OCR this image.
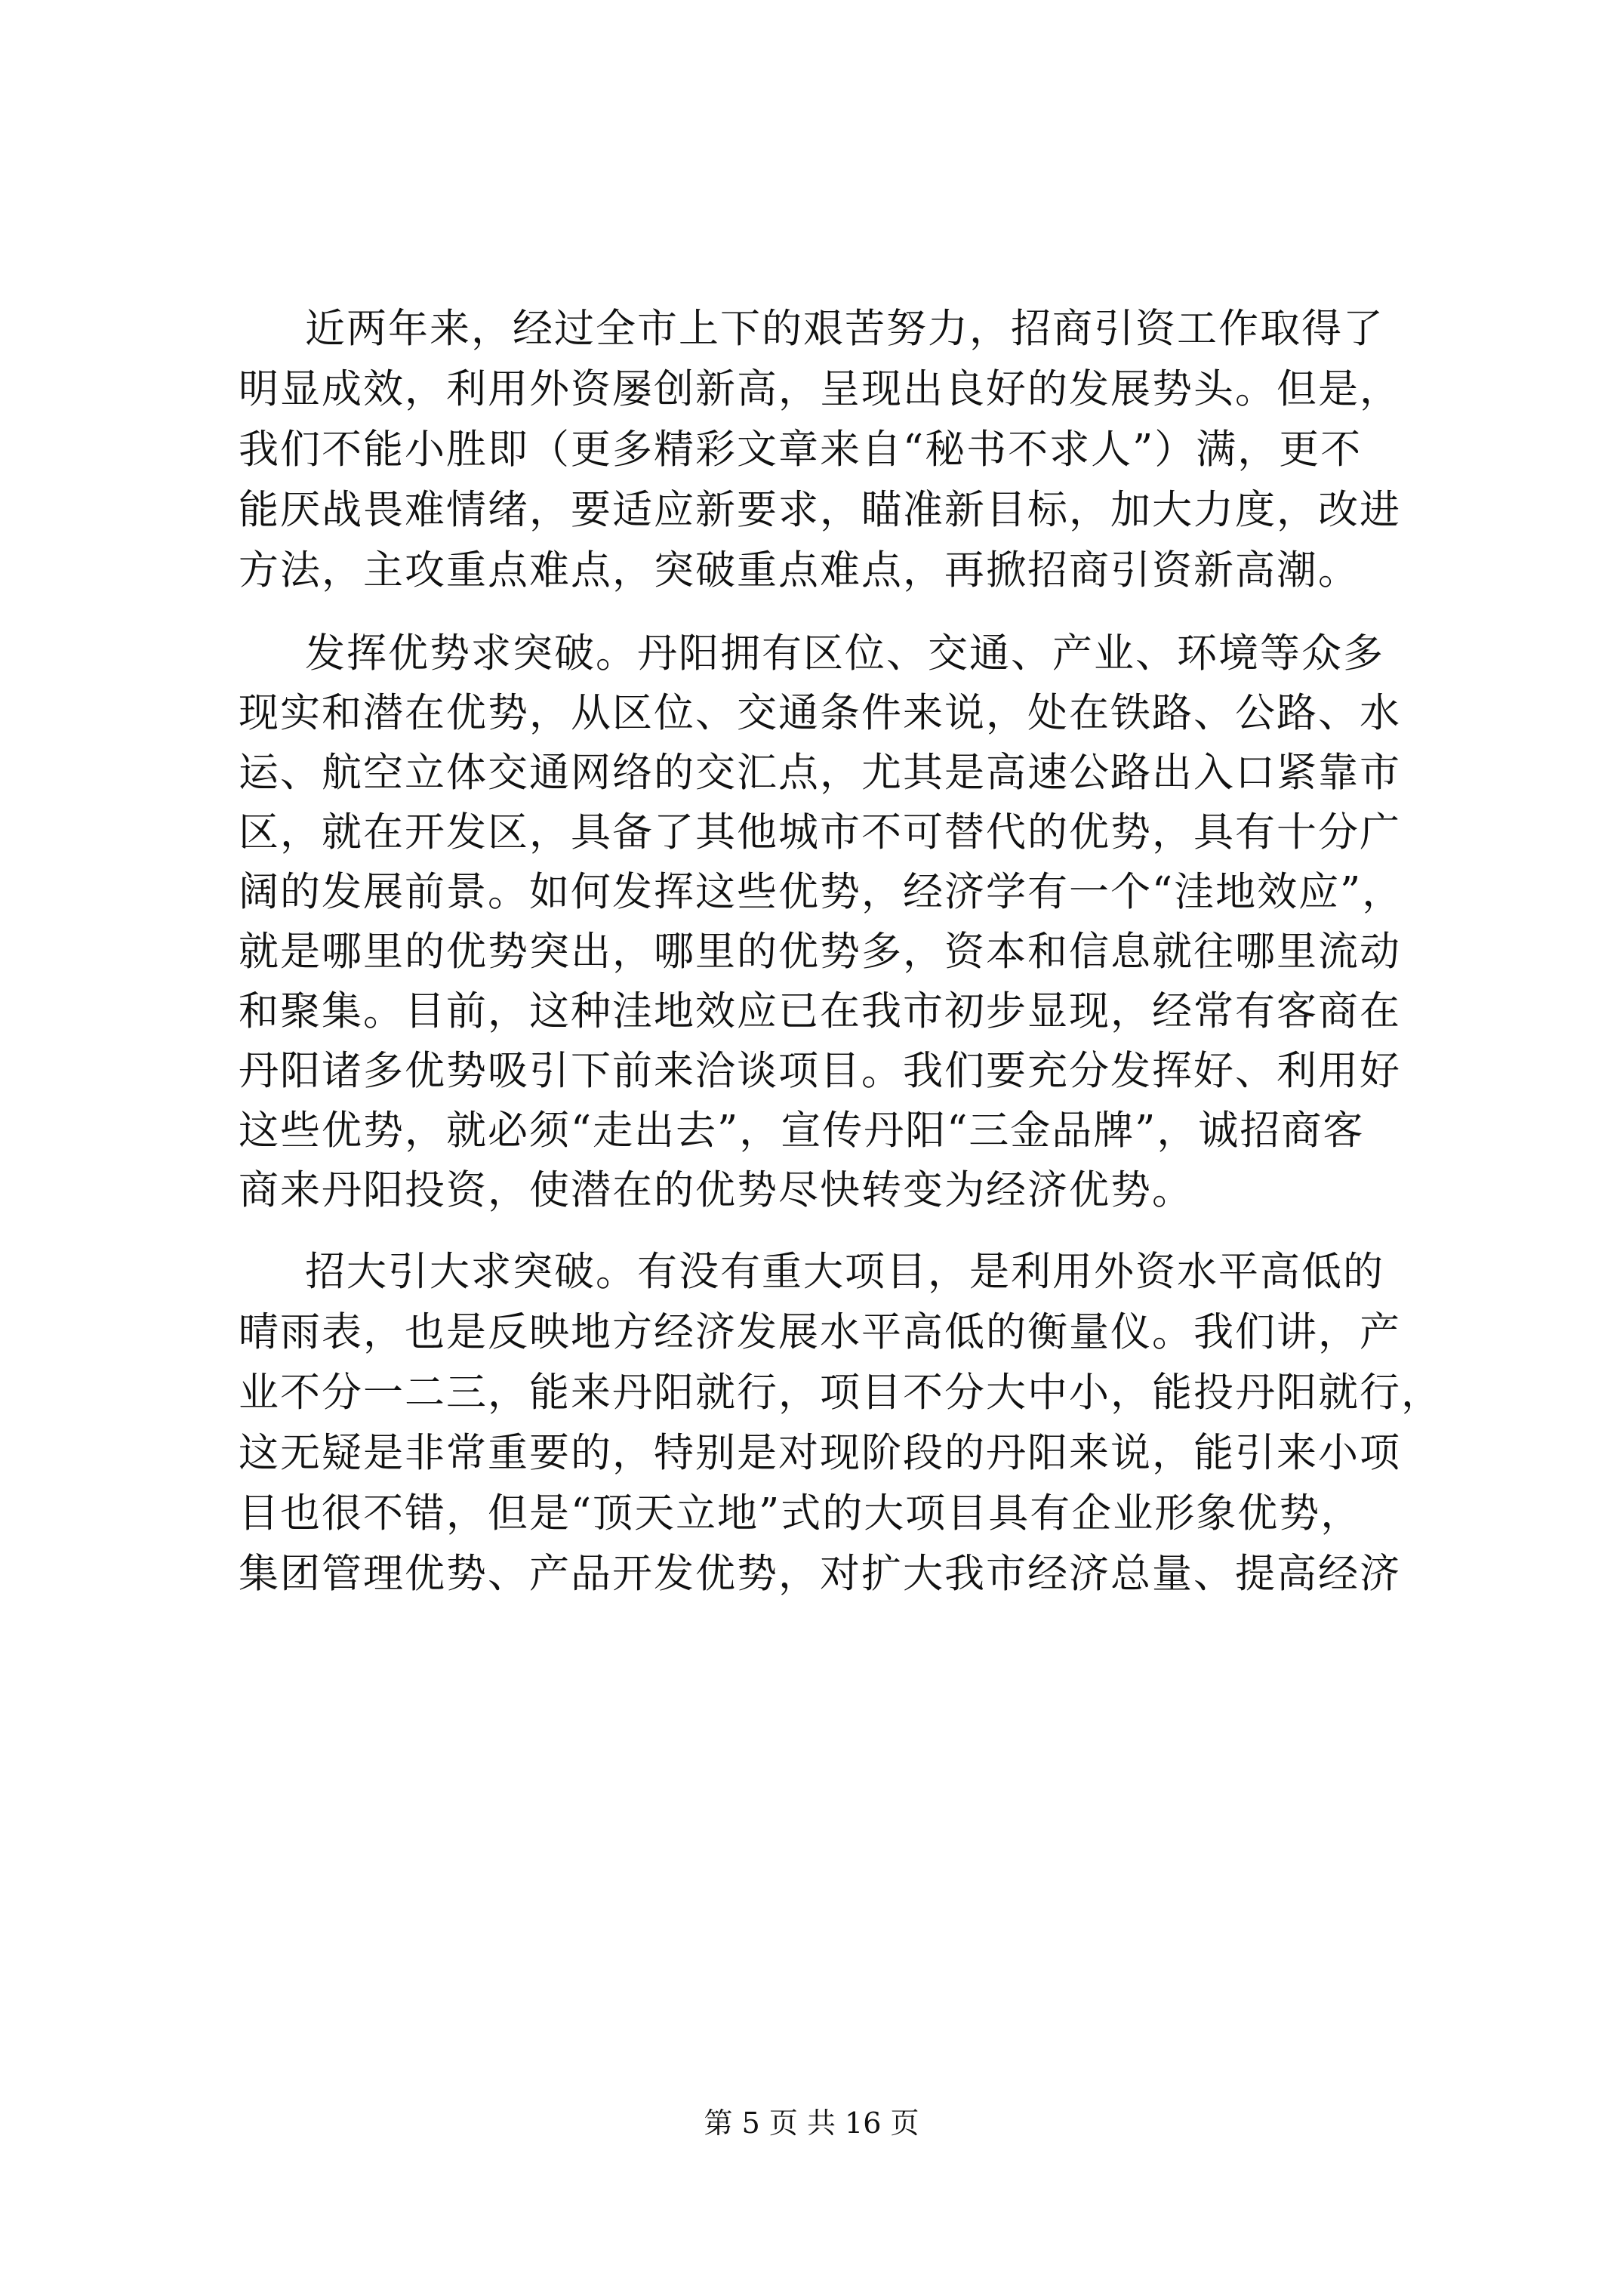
近两年来，经过全市上下的艰苦努力，招商引资工作取得了
明显成效，利用外资屡创新高，呈现出良好的发展势头。但是，
我们不能小胜即（更多精彩文章来自“秘书不求人”）满，更不
能厌战畏难情绪，要适应新要求，瞄准新目标，加大力度，改进
方法，主攻重点难点，突破重点难点，再掀招商引资新高潮。
发挥优势求突破。丹阳拥有区位、交通、产业、环境等众多
现实和潜在优势，从区位、交通条件来说，处在铁路、公路、水
运、航空立体交通网络的交汇点，尤其是高速公路出入口紧靠市
区，就在开发区，具备了其他城市不可替代的优势，具有十分广
阔的发展前景。如何发挥这些优势，经济学有一个“洼地效应”，
就是哪里的优势突出，哪里的优势多，资本和信息就往哪里流动
和聚集。目前，这种洼地效应已在我市初步显现，经常有客商在
丹阳诸多优势吸引下前来洽谈项目。我们要充分发挥好、利用好
这些优势，就必须“走出去”，宣传丹阳“三金品牌”，诚招商客
商来丹阳投资，使潜在的优势尽快转变为经济优势。
招大引大求突破。有没有重大项目，是利用外资水平高低的
晴雨表，也是反映地方经济发展水平高低的衡量仪。我们讲，产
业不分一二三，能来丹阳就行，项目不分大中小，能投丹阳就行，
这无疑是非常重要的，特别是对现阶段的丹阳来说，能引来小项
目也很不错，但是“顶天立地”式的大项目具有企业形象优势，
集团管理优势、产品开发优势，对扩大我市经济总量、提高经济
第 5 页 共 16 页
